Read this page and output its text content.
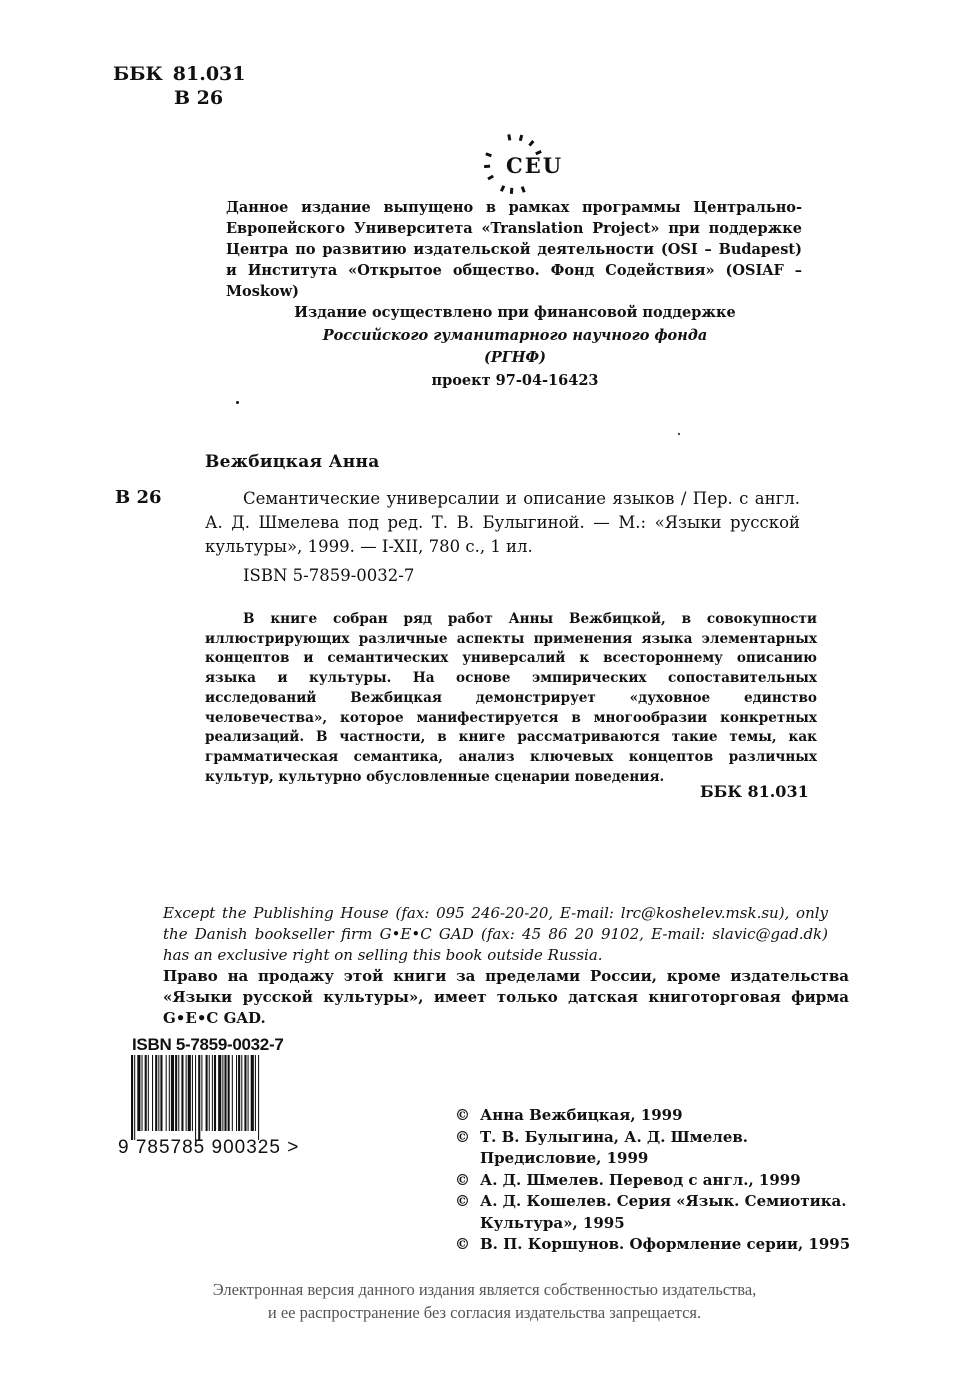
ББК 81.031
В 26
CEU
Данное издание выпущено в рамках программы Центрально-Европейского Университета «Translation Project» при поддержке Центра по развитию издательской деятельности (OSI – Budapest) и Института «Открытое общество. Фонд Содействия» (OSIAF – Moskow)
Издание осуществлено при финансовой поддержке
Российского гуманитарного научного фонда
(РГНФ)
проект 97-04-16423
Вежбицкая Анна
В 26	Семантические универсалии и описание языков / Пер. с англ. А. Д. Шмелева под ред. Т. В. Булыгиной. — М.: «Языки русской культуры», 1999. — I-XII, 780 с., 1 ил.
ISBN 5-7859-0032-7
В книге собран ряд работ Анны Вежбицкой, в совокупности иллюстрирующих различные аспекты применения языка элементарных концептов и семантических универсалий к всестороннему описанию языка и культуры. На основе эмпирических сопоставительных исследований Вежбицкая демонстрирует «духовное единство человечества», которое манифестируется в многообразии конкретных реализаций. В частности, в книге рассматриваются такие темы, как грамматическая семантика, анализ ключевых концептов различных культур, культурно обусловленные сценарии поведения.
ББК 81.031
Except the Publishing House (fax: 095 246-20-20, E-mail: lrc@koshelev.msk.su), only the Danish bookseller firm G•E•C GAD (fax: 45 86 20 9102, E-mail: slavic@gad.dk) has an exclusive right on selling this book outside Russia.
Право на продажу этой книги за пределами России, кроме издательства «Языки русской культуры», имеет только датская книготорговая фирма G•E•C GAD.
ISBN 5-7859-0032-7
9 785785 900325 >
© Анна Вежбицкая, 1999
© Т. В. Булыгина, А. Д. Шмелев. Предисловие, 1999
© А. Д. Шмелев. Перевод с англ., 1999
© А. Д. Кошелев. Серия «Язык. Семиотика. Культура», 1995
© В. П. Коршунов. Оформление серии, 1995
Электронная версия данного издания является собственностью издательства,
и ее распространение без согласия издательства запрещается.
